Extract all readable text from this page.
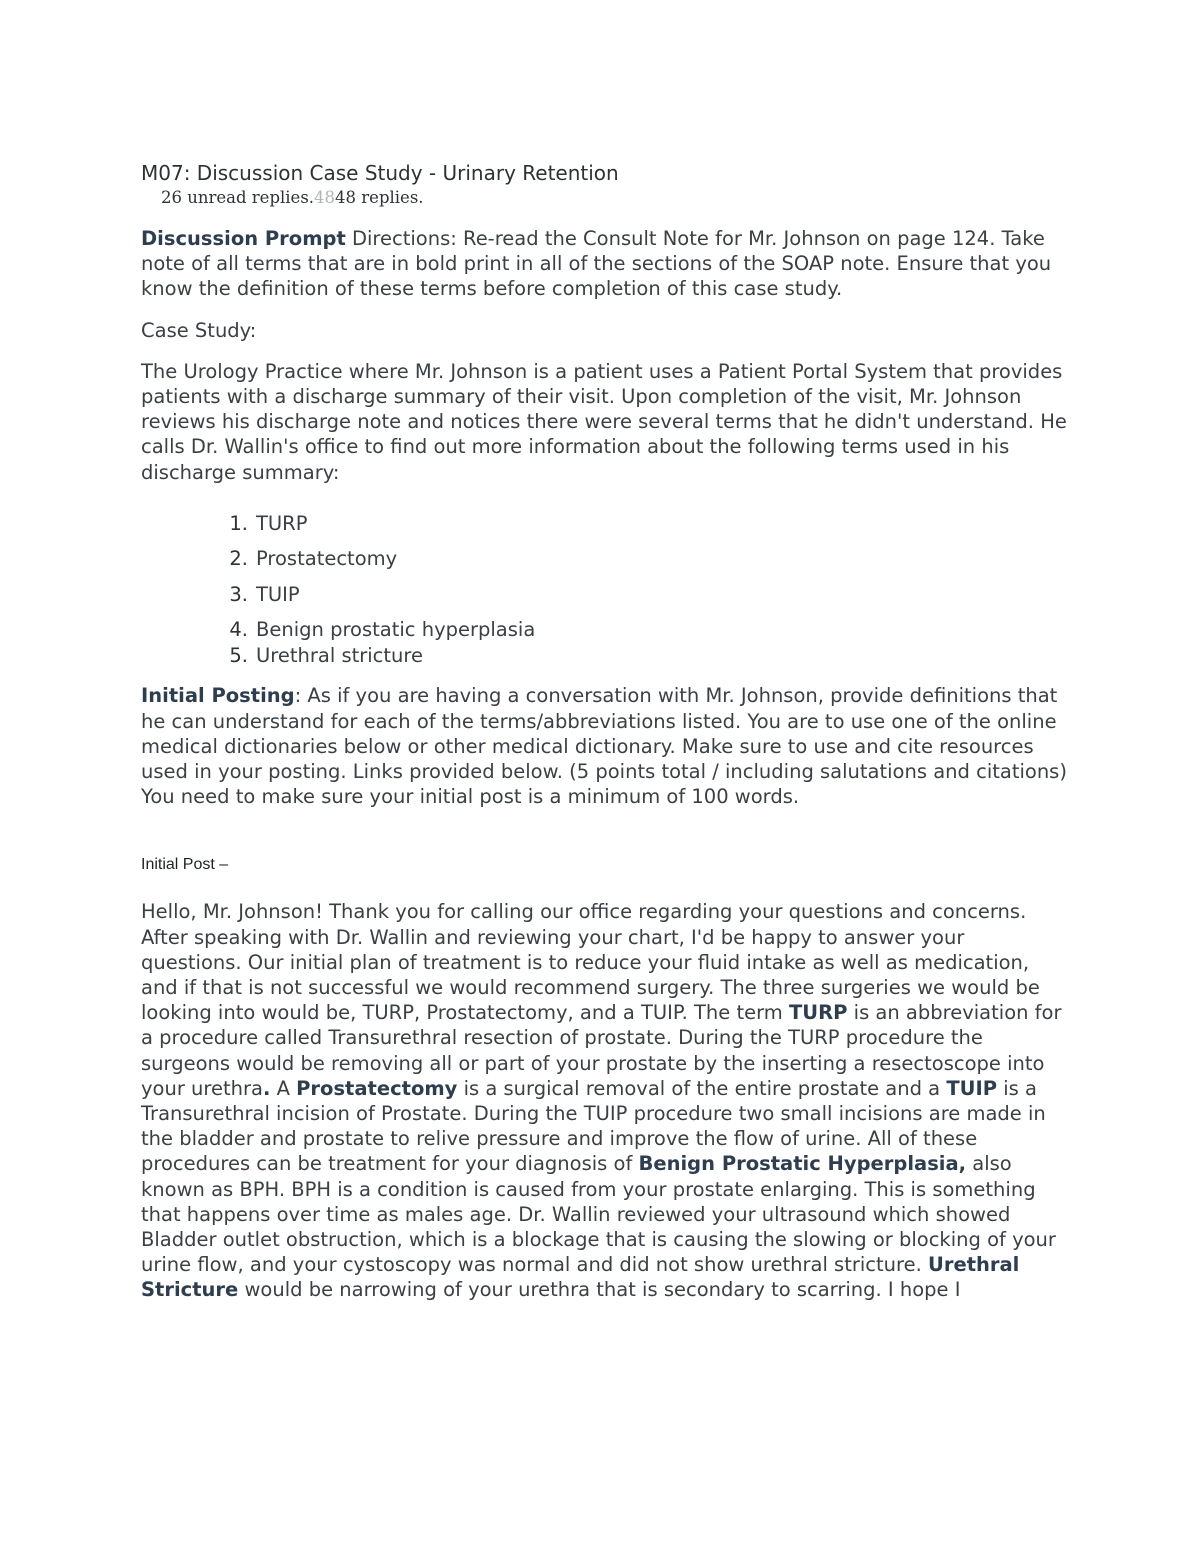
M07: Discussion Case Study - Urinary Retention

26 unread replies.4848 replies.

Discussion Prompt Directions: Re-read the Consult Note for Mr. Johnson on page 124. Take note of all terms that are in bold print in all of the sections of the SOAP note. Ensure that you know the definition of these terms before completion of this case study.

Case Study:

The Urology Practice where Mr. Johnson is a patient uses a Patient Portal System that provides patients with a discharge summary of their visit. Upon completion of the visit, Mr. Johnson reviews his discharge note and notices there were several terms that he didn't understand. He calls Dr. Wallin's office to find out more information about the following terms used in his discharge summary:

1. TURP
2. Prostatectomy
3. TUIP
4. Benign prostatic hyperplasia
5. Urethral stricture

Initial Posting: As if you are having a conversation with Mr. Johnson, provide definitions that he can understand for each of the terms/abbreviations listed. You are to use one of the online medical dictionaries below or other medical dictionary. Make sure to use and cite resources used in your posting. Links provided below. (5 points total / including salutations and citations) You need to make sure your initial post is a minimum of 100 words.

Initial Post –

Hello, Mr. Johnson! Thank you for calling our office regarding your questions and concerns. After speaking with Dr. Wallin and reviewing your chart, I'd be happy to answer your questions. Our initial plan of treatment is to reduce your fluid intake as well as medication, and if that is not successful we would recommend surgery. The three surgeries we would be looking into would be, TURP, Prostatectomy, and a TUIP. The term TURP is an abbreviation for a procedure called Transurethral resection of prostate. During the TURP procedure the surgeons would be removing all or part of your prostate by the inserting a resectoscope into your urethra. A Prostatectomy is a surgical removal of the entire prostate and a TUIP is a Transurethral incision of Prostate. During the TUIP procedure two small incisions are made in the bladder and prostate to relive pressure and improve the flow of urine. All of these procedures can be treatment for your diagnosis of Benign Prostatic Hyperplasia, also known as BPH. BPH is a condition is caused from your prostate enlarging. This is something that happens over time as males age. Dr. Wallin reviewed your ultrasound which showed Bladder outlet obstruction, which is a blockage that is causing the slowing or blocking of your urine flow, and your cystoscopy was normal and did not show urethral stricture. Urethral Stricture would be narrowing of your urethra that is secondary to scarring. I hope I
